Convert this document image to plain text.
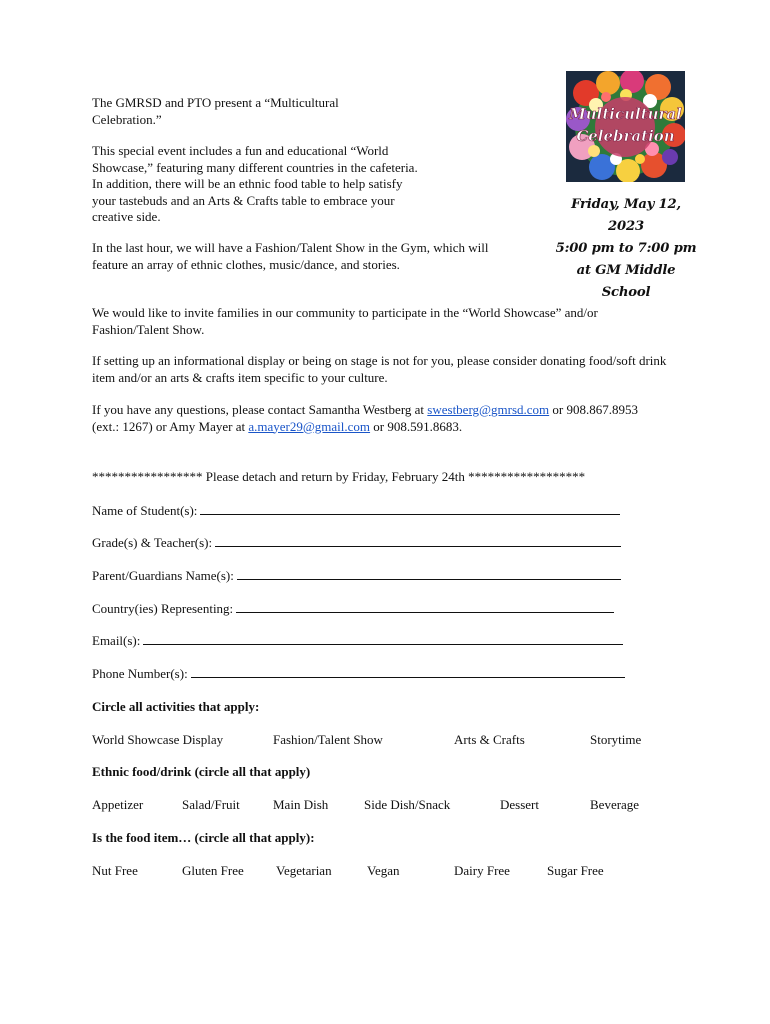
The GMRSD and PTO present a “Multicultural Celebration.”

This special event includes a fun and educational “World Showcase,” featuring many different countries in the cafeteria. In addition, there will be an ethnic food table to help satisfy your tastebuds and an Arts & Crafts table to embrace your creative side.

In the last hour, we will have a Fashion/Talent Show in the Gym, which will feature an array of ethnic clothes, music/dance, and stories.

Multicultural
Celebration
Friday, May 12, 2023
5:00 pm to 7:00 pm
at GM Middle School

We would like to invite families in our community to participate in the “World Showcase” and/or Fashion/Talent Show.

If setting up an informational display or being on stage is not for you, please consider donating food/soft drink item and/or an arts & crafts item specific to your culture.

If you have any questions, please contact Samantha Westberg at swestberg@gmrsd.com or 908.867.8953 (ext.: 1267) or Amy Mayer at a.mayer29@gmail.com or 908.591.8683.

***************** Please detach and return by Friday, February 24th ******************
Name of Student(s):
Grade(s) & Teacher(s):
Parent/Guardians Name(s):
Country(ies) Representing:
Email(s):
Phone Number(s):
Circle all activities that apply:
World Showcase Display	Fashion/Talent Show	Arts & Crafts	Storytime
Ethnic food/drink (circle all that apply)
Appetizer	Salad/Fruit	Main Dish	Side Dish/Snack	Dessert	Beverage
Is the food item… (circle all that apply):
Nut Free	Gluten Free Vegetarian	Vegan	Dairy Free	Sugar Free
